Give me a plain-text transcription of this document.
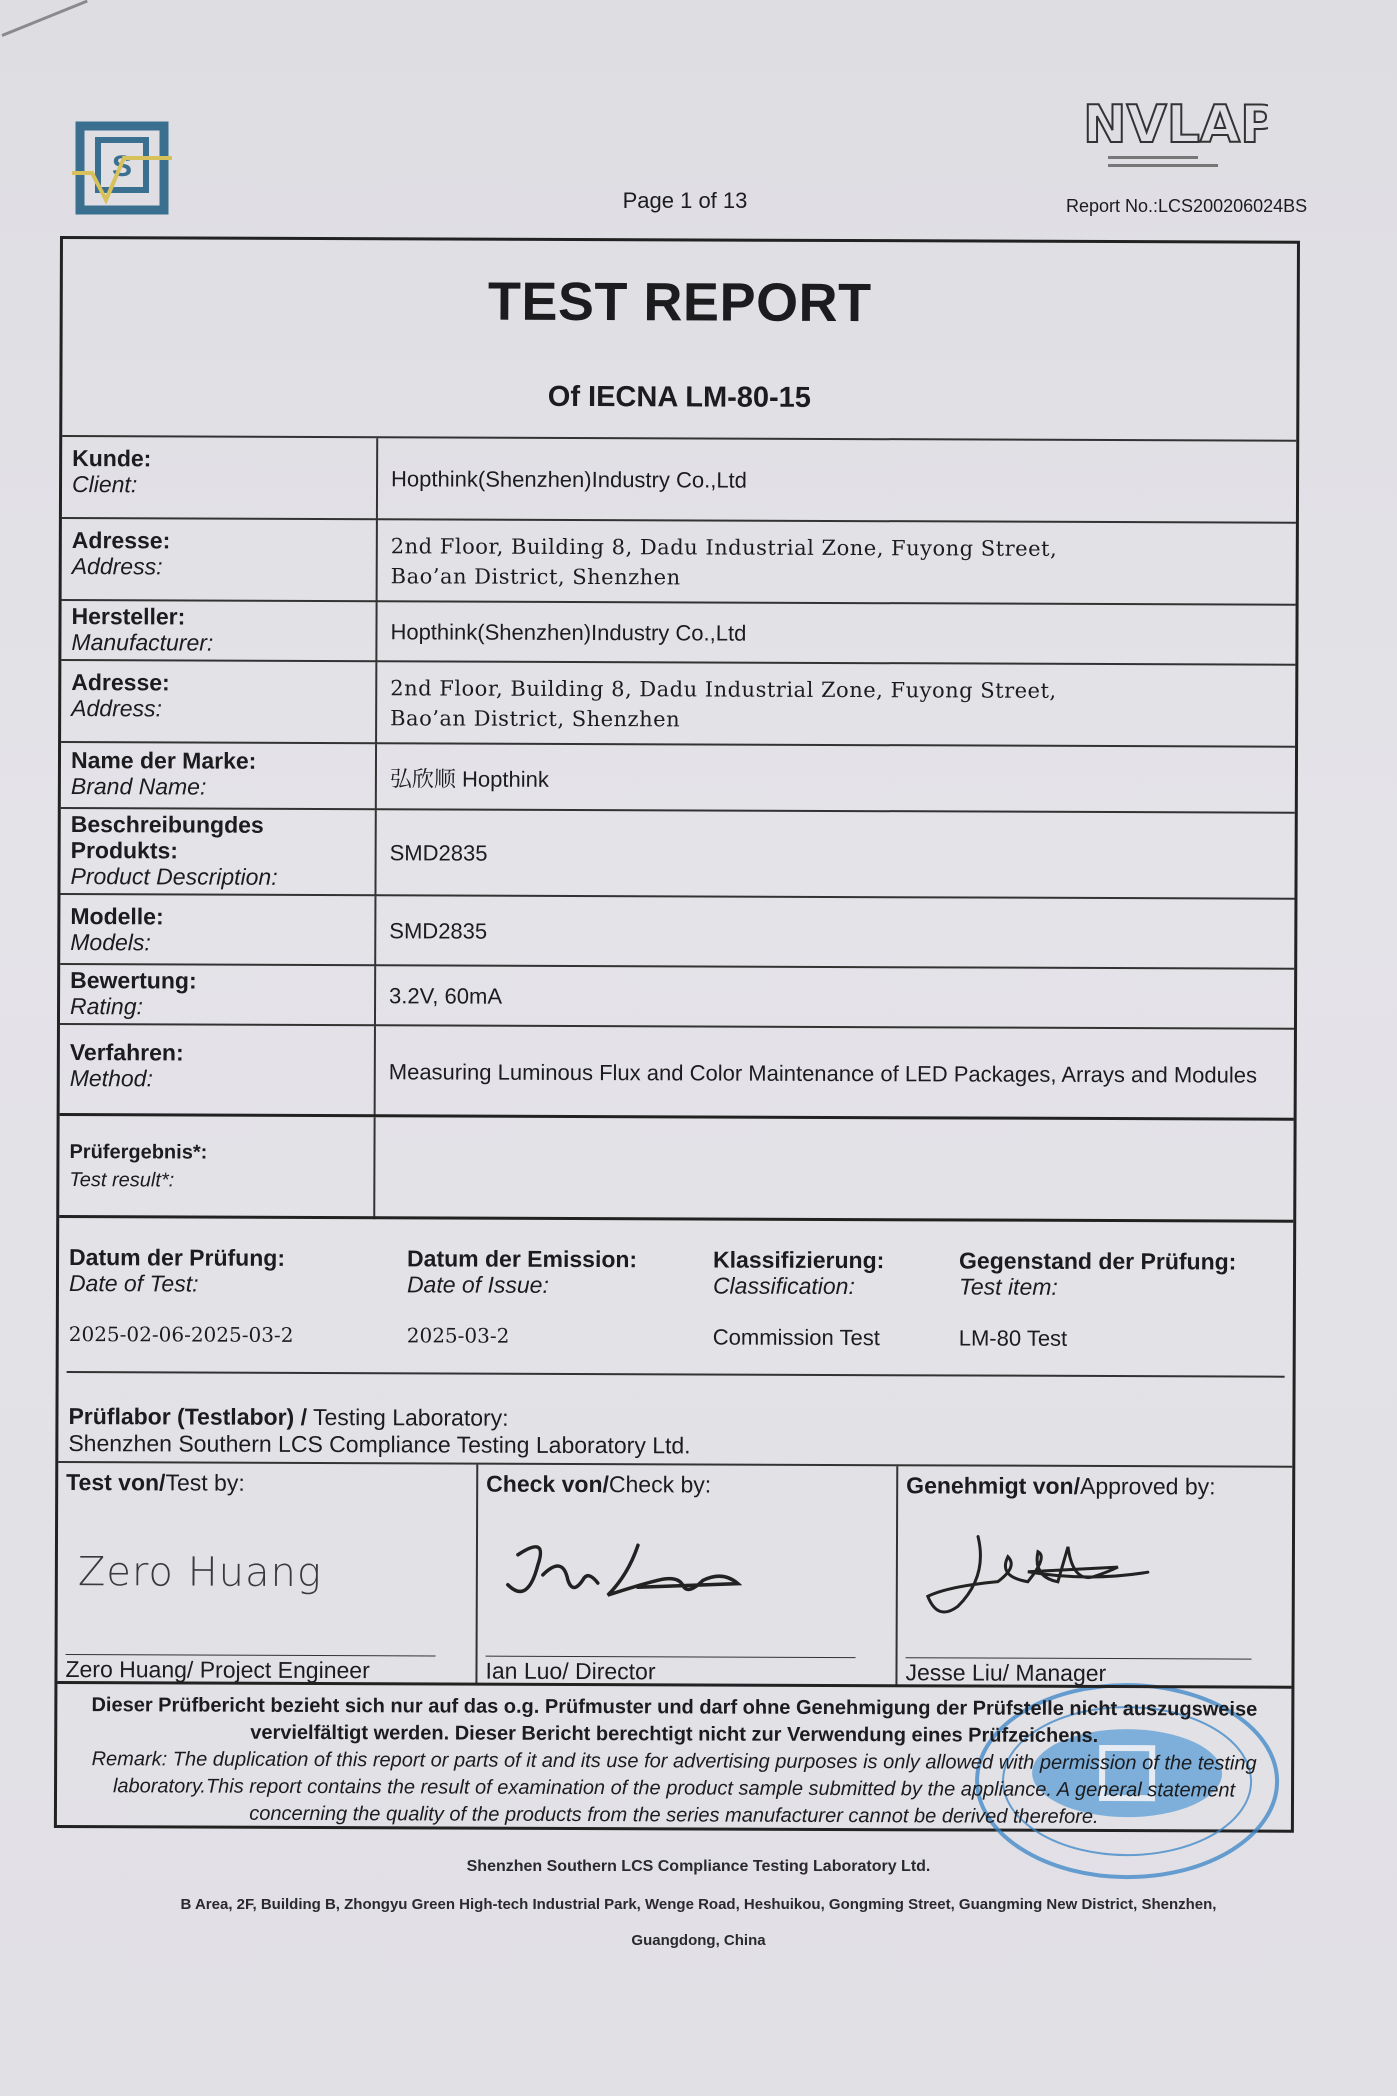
S
NVLAP
Page 1 of 13	Report No.:LCS200206024BS
TEST REPORT
Of IECNA LM-80-15
Kunde:
Client:	Hopthink(Shenzhen)Industry Co.,Ltd
Adresse:
Address:
2nd Floor, Building 8, Dadu Industrial Zone, Fuyong Street,
Bao’an District, Shenzhen
Hersteller:
Manufacturer:	Hopthink(Shenzhen)Industry Co.,Ltd
Adresse:
Address:
2nd Floor, Building 8, Dadu Industrial Zone, Fuyong Street,
Bao’an District, Shenzhen
Name der Marke:
Brand Name:	弘欣顺 Hopthink
Beschreibungdes
Produkts:
Product Description:
SMD2835
Modelle:
Models:	SMD2835
Bewertung:
Rating:	3.2V, 60mA
Verfahren:
Method:	Measuring Luminous Flux and Color Maintenance of LED Packages, Arrays and Modules
Prüfergebnis*:
Test result*:
Datum der Prüfung:
Date of Test:
2025-02-06-2025-03-2
Datum der Emission:
Date of Issue:
2025-03-2
Klassifizierung:
Classification:
Commission Test
Gegenstand der Prüfung:
Test item:
LM-80 Test
Prüflabor (Testlabor) / Testing Laboratory:
Shenzhen Southern LCS Compliance Testing Laboratory Ltd.
Test von/Test by:
Zero Huang
Zero Huang/ Project Engineer
Check von/Check by:
Ian Luo/ Director
Genehmigt von/Approved by:
Jesse Liu/ Manager
Dieser Prüfbericht bezieht sich nur auf das o.g. Prüfmuster und darf ohne Genehmigung der Prüfstelle nicht auszugsweise vervielfältigt werden. Dieser Bericht berechtigt nicht zur Verwendung eines Prüfzeichens.
Remark: The duplication of this report or parts of it and its use for advertising purposes is only allowed with permission of the testing laboratory.This report contains the result of examination of the product sample submitted by the appliance. A general statement concerning the quality of the products from the series manufacturer cannot be derived therefore.
Shenzhen Southern LCS Compliance Testing Laboratory Ltd.
B Area, 2F, Building B, Zhongyu Green High-tech Industrial Park, Wenge Road, Heshuikou, Gongming Street, Guangming New District, Shenzhen,
Guangdong, China
